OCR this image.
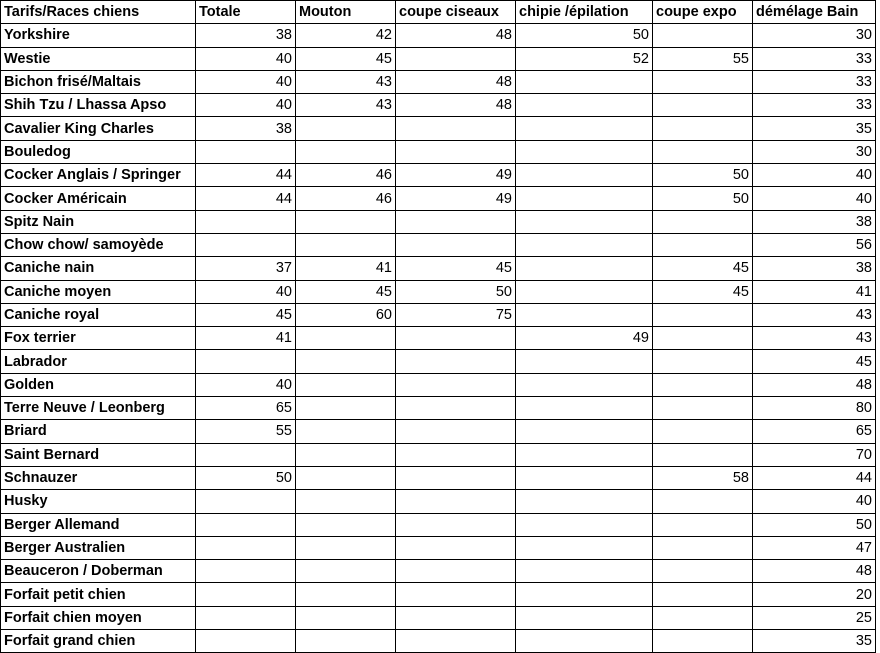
Tarifs/Races chiens	Totale	Mouton	coupe ciseaux	chipie /épilation	coupe expo	démélage Bain
Yorkshire	38	42	48	50		30
Westie	40	45		52	55	33
Bichon frisé/Maltais	40	43	48			33
Shih Tzu / Lhassa Apso	40	43	48			33
Cavalier King Charles	38					35
Bouledog						30
Cocker Anglais / Springer	44	46	49		50	40
Cocker Américain	44	46	49		50	40
Spitz Nain						38
Chow chow/ samoyède						56
Caniche nain	37	41	45		45	38
Caniche moyen	40	45	50		45	41
Caniche royal	45	60	75			43
Fox terrier	41			49		43
Labrador						45
Golden	40					48
Terre Neuve / Leonberg	65					80
Briard	55					65
Saint Bernard						70
Schnauzer	50				58	44
Husky						40
Berger Allemand						50
Berger Australien						47
Beauceron / Doberman						48
Forfait petit chien						20
Forfait chien moyen						25
Forfait grand chien						35
